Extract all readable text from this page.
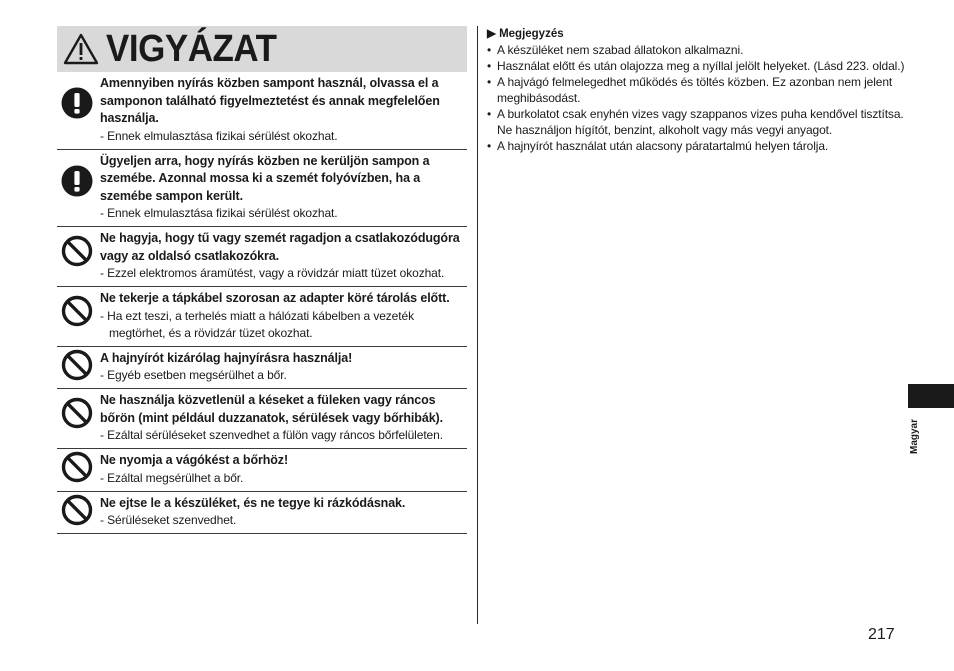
VIGYÁZAT
Amennyiben nyírás közben sampont használ, olvassa el a samponon található figyelmeztetést és annak megfelelően használja.
- Ennek elmulasztása fizikai sérülést okozhat.
Ügyeljen arra, hogy nyírás közben ne kerüljön sampon a szemébe. Azonnal mossa ki a szemét folyóvízben, ha a szemébe sampon került.
- Ennek elmulasztása fizikai sérülést okozhat.
Ne hagyja, hogy tű vagy szemét ragadjon a csatlakozódugóra vagy az oldalsó csatlakozókra.
- Ezzel elektromos áramütést, vagy a rövidzár miatt tüzet okozhat.
Ne tekerje a tápkábel szorosan az adapter köré tárolás előtt.
- Ha ezt teszi, a terhelés miatt a hálózati kábelben a vezeték megtörhet, és a rövidzár tüzet okozhat.
A hajnyírót kizárólag hajnyírásra használja!
- Egyéb esetben megsérülhet a bőr.
Ne használja közvetlenül a késeket a füleken vagy ráncos bőrön (mint például duzzanatok, sérülések vagy bőrhibák).
- Ezáltal sérüléseket szenvedhet a fülön vagy ráncos bőrfelületen.
Ne nyomja a vágókést a bőrhöz!
- Ezáltal megsérülhet a bőr.
Ne ejtse le a készüléket, és ne tegye ki rázkódásnak.
- Sérüléseket szenvedhet.
▶ Megjegyzés
• A készüléket nem szabad állatokon alkalmazni.
• Használat előtt és után olajozza meg a nyíllal jelölt helyeket. (Lásd 223. oldal.)
• A hajvágó felmelegedhet működés és töltés közben. Ez azonban nem jelent meghibásodást.
• A burkolatot csak enyhén vizes vagy szappanos vizes puha kendővel tisztítsa. Ne használjon hígítót, benzint, alkoholt vagy más vegyi anyagot.
• A hajnyírót használat után alacsony páratartalmú helyen tárolja.
Magyar
217
